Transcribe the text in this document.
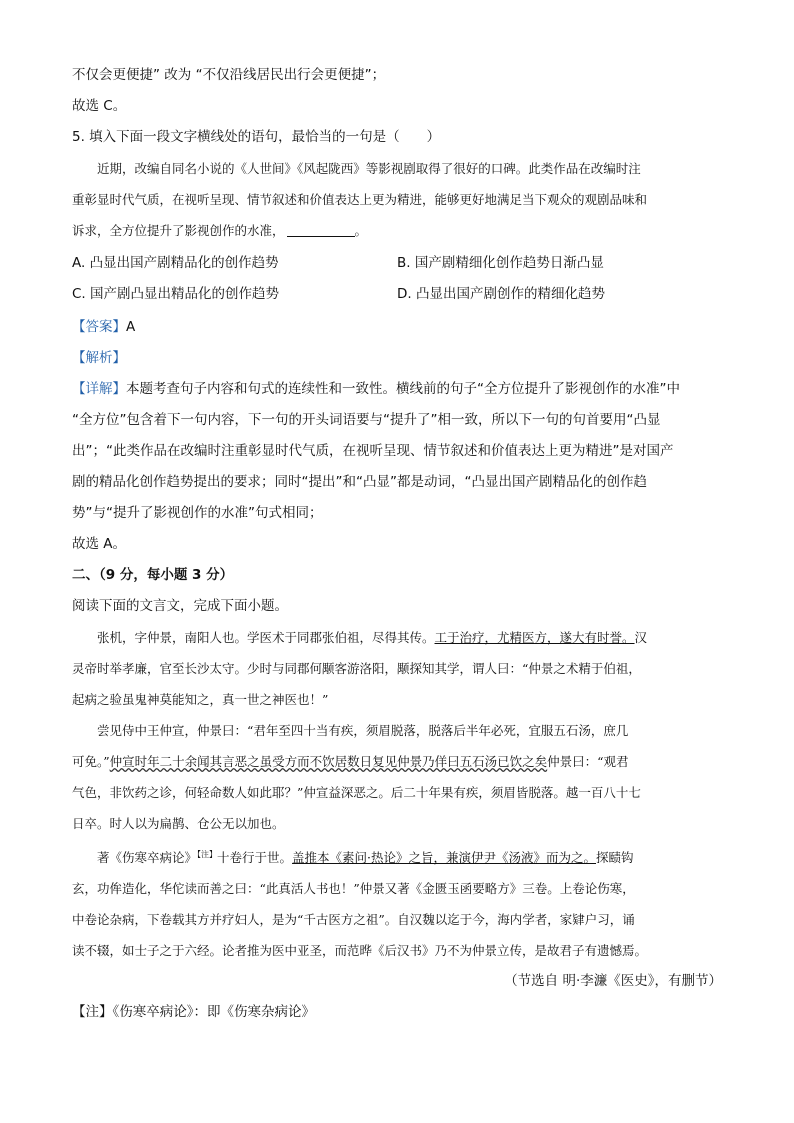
不仅会更便捷” 改为 “不仅沿线居民出行会更便捷”；

故选 C。

5. 填入下面一段文字横线处的语句，最恰当的一句是（　　）

近期，改编自同名小说的《人世间》《风起陇西》等影视剧取得了很好的口碑。此类作品在改编时注

重彰显时代气质，在视听呈现、情节叙述和价值表达上更为精进，能够更好地满足当下观众的观剧品味和

诉求，全方位提升了影视创作的水准，	。

A. 凸显出国产剧精品化的创作趋势	B. 国产剧精细化创作趋势日渐凸显
C. 国产剧凸显出精品化的创作趋势	D. 凸显出国产剧创作的精细化趋势

【答案】A

【解析】

【详解】本题考查句子内容和句式的连续性和一致性。横线前的句子“全方位提升了影视创作的水准”中

“全方位”包含着下一句内容，下一句的开头词语要与“提升了”相一致，所以下一句的句首要用“凸显

出”；“此类作品在改编时注重彰显时代气质，在视听呈现、情节叙述和价值表达上更为精进”是对国产

剧的精品化创作趋势提出的要求；同时“提出”和“凸显”都是动词，“凸显出国产剧精品化的创作趋

势”与“提升了影视创作的水准”句式相同；

故选 A。

二、（9 分，每小题 3 分）

阅读下面的文言文，完成下面小题。

张机，字仲景，南阳人也。学医术于同郡张伯祖，尽得其传。工于治疗，尤精医方，遂大有时誉。汉

灵帝时举孝廉，官至长沙太守。少时与同郡何颙客游洛阳，颙探知其学，谓人曰：“仲景之术精于伯祖，

起病之验虽鬼神莫能知之，真一世之神医也！”

尝见侍中王仲宣，仲景曰：“君年至四十当有疾，须眉脱落，脱落后半年必死，宜服五石汤，庶几

可免。”仲宣时年二十余闻其言恶之虽受方而不饮居数日复见仲景乃佯曰五石汤已饮之矣仲景曰：“观君

气色，非饮药之诊，何轻命数人如此耶？”仲宣益深恶之。后二十年果有疾，须眉皆脱落。越一百八十七

日卒。时人以为扁鹊、仓公无以加也。

著《伤寒卒病论》$^{【注】}$十卷行于世。盖推本《素问·热论》之旨，兼演伊尹《汤液》而为之。探赜钩

玄，功侔造化，华佗读而善之曰：“此真活人书也！”仲景又著《金匮玉函要略方》三卷。上卷论伤寒，

中卷论杂病，下卷载其方并疗妇人，是为“千古医方之祖”。自汉魏以迄于今，海内学者，家肄户习，诵

读不辍，如士子之于六经。论者推为医中亚圣，而范晔《后汉书》乃不为仲景立传，是故君子有遗憾焉。

（节选自 明·李濂《医史》，有删节）

【注】《伤寒卒病论》：即《伤寒杂病论》
